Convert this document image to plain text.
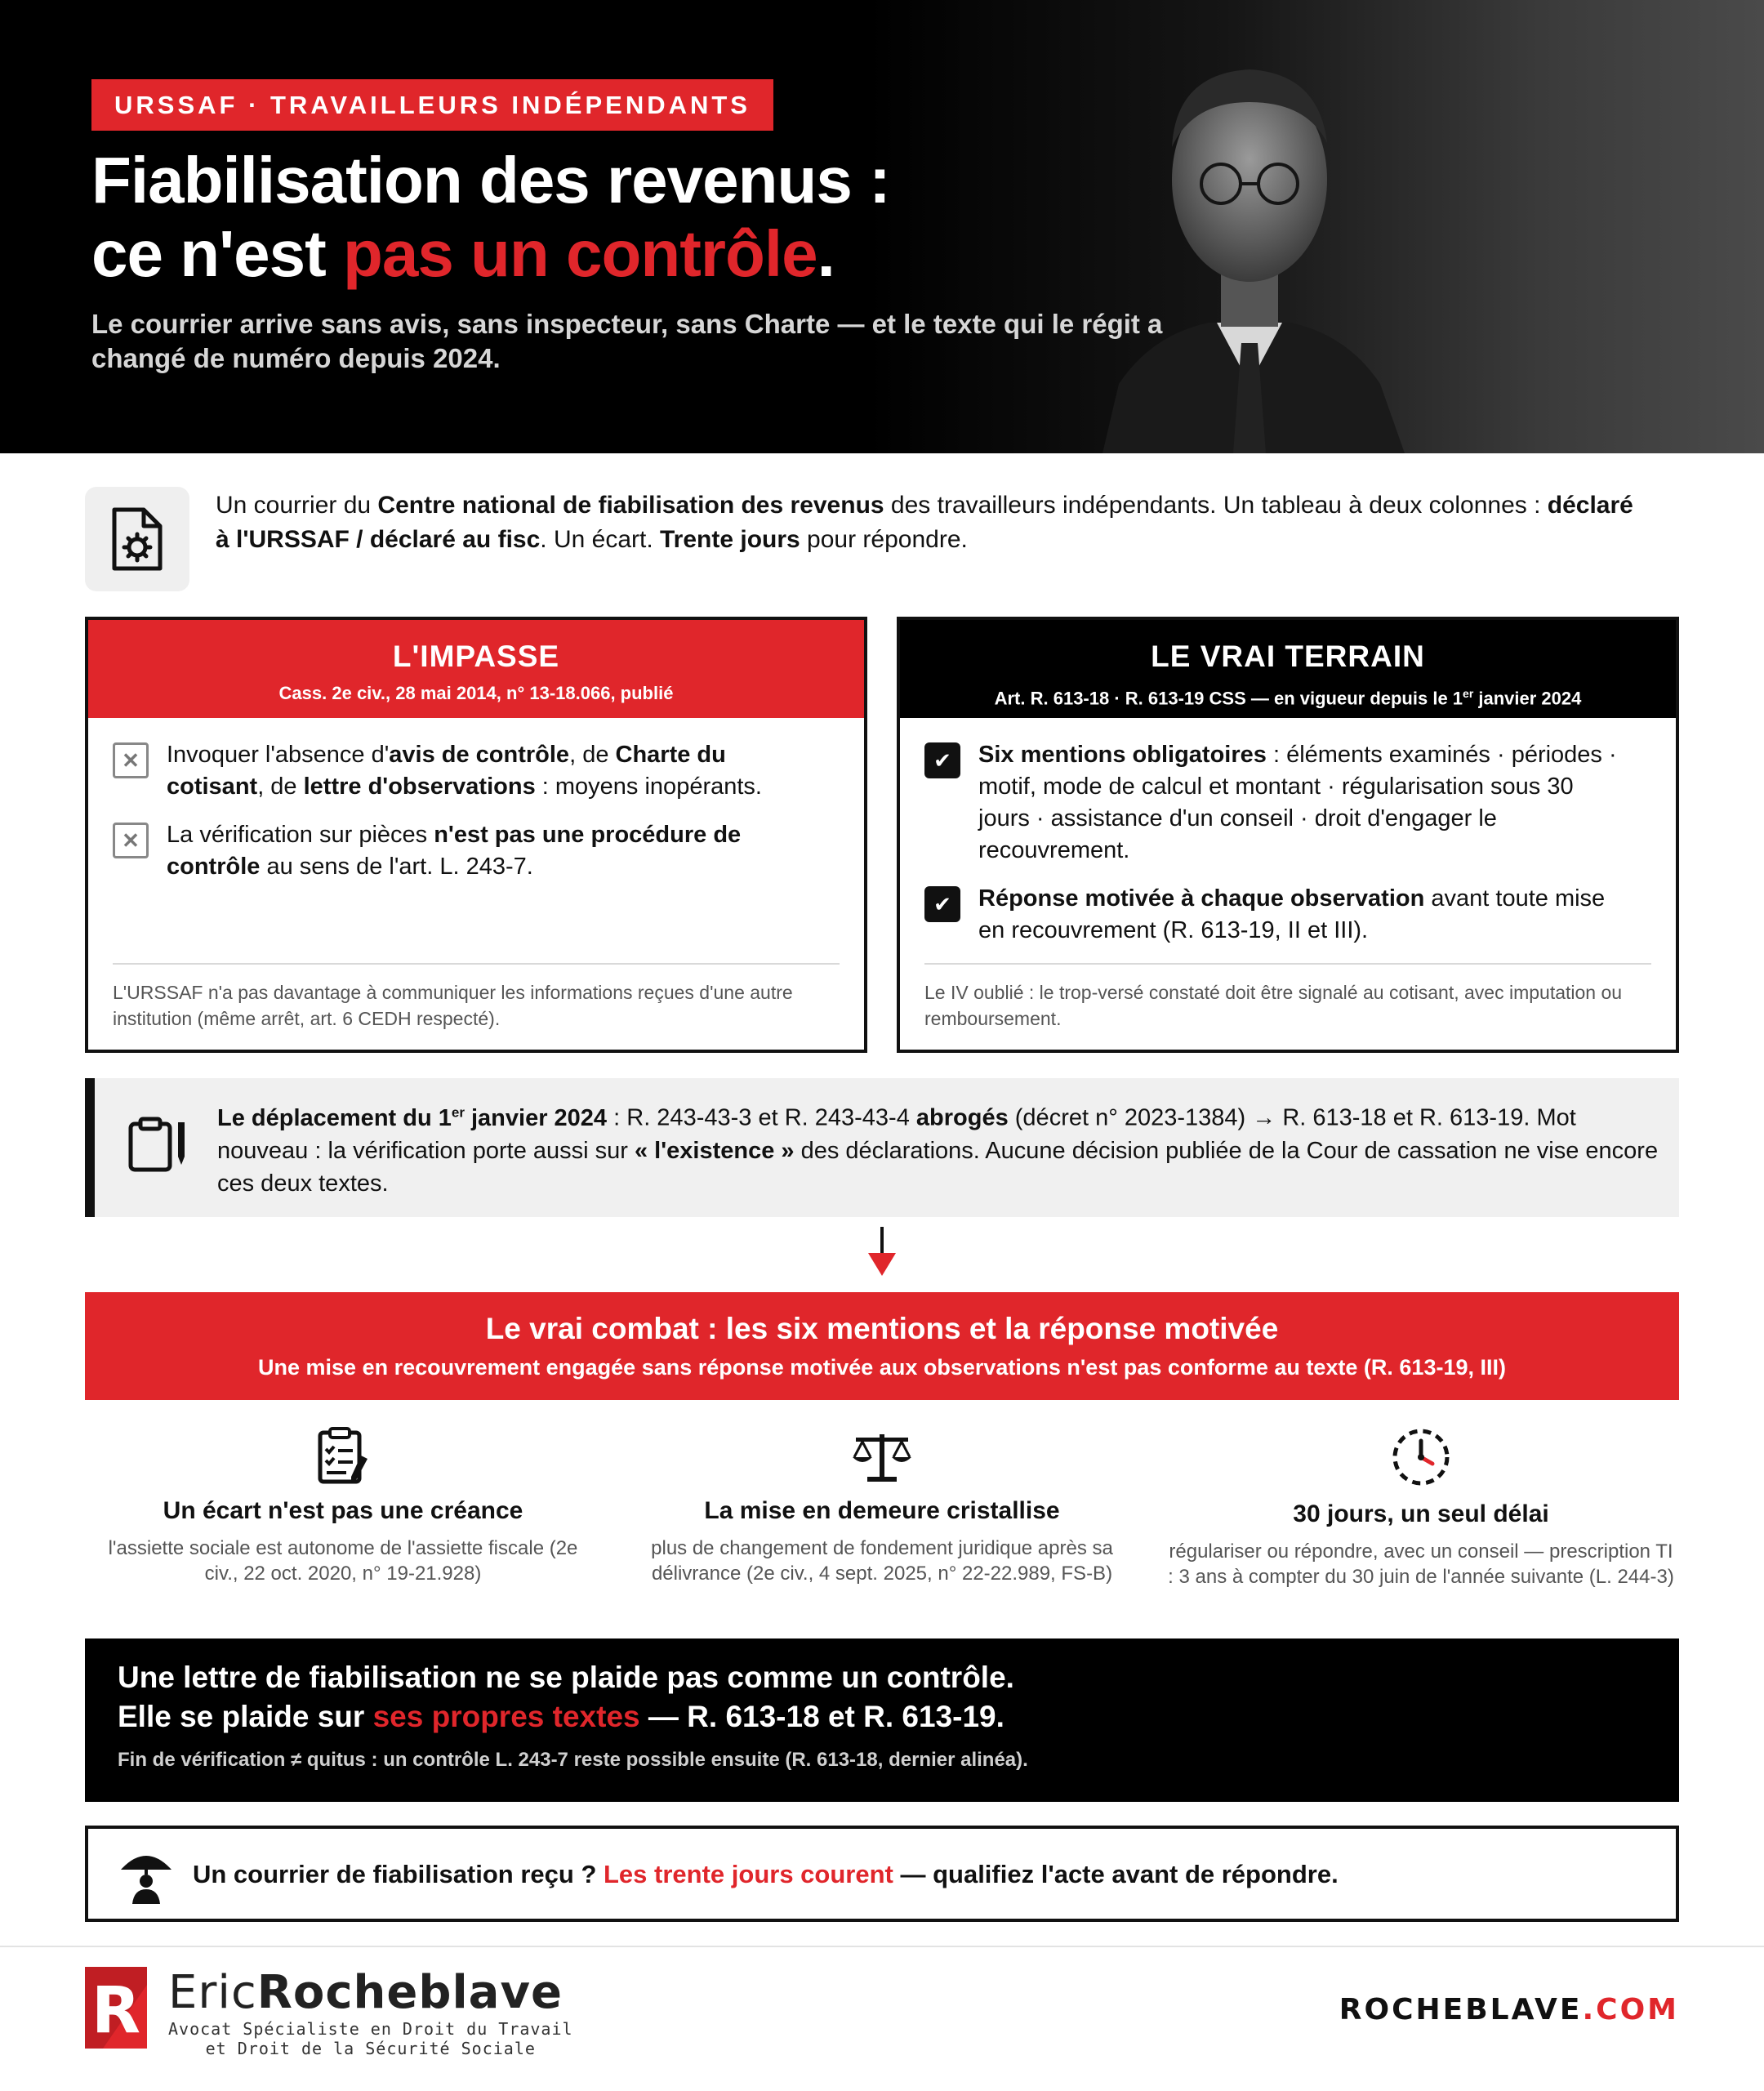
URSSAF · TRAVAILLEURS INDÉPENDANTS
Fiabilisation des revenus :
ce n'est pas un contrôle.

Le courrier arrive sans avis, sans inspecteur, sans Charte — et le texte qui le régit a changé de numéro depuis 2024.

Un courrier du Centre national de fiabilisation des revenus des travailleurs indépendants. Un tableau à deux colonnes : déclaré à l'URSSAF / déclaré au fisc. Un écart. Trente jours pour répondre.

L'IMPASSE
Cass. 2e civ., 28 mai 2014, n° 13-18.066, publié
✕	Invoquer l'absence d'avis de contrôle, de Charte du cotisant, de lettre d'observations : moyens inopérants.
✕	La vérification sur pièces n'est pas une procédure de contrôle au sens de l'art. L. 243-7.
L'URSSAF n'a pas davantage à communiquer les informations reçues d'une autre institution (même arrêt, art. 6 CEDH respecté).
LE VRAI TERRAIN
Art. R. 613-18 · R. 613-19 CSS — en vigueur depuis le 1er janvier 2024
✔	Six mentions obligatoires : éléments examinés · périodes · motif, mode de calcul et montant · régularisation sous 30 jours · assistance d'un conseil · droit d'engager le recouvrement.
✔	Réponse motivée à chaque observation avant toute mise en recouvrement (R. 613-19, II et III).
Le IV oublié : le trop-versé constaté doit être signalé au cotisant, avec imputation ou remboursement.

Le déplacement du 1er janvier 2024 : R. 243-43-3 et R. 243-43-4 abrogés (décret n° 2023-1384) → R. 613-18 et R. 613-19. Mot nouveau : la vérification porte aussi sur « l'existence » des déclarations. Aucune décision publiée de la Cour de cassation ne vise encore ces deux textes.

Le vrai combat : les six mentions et la réponse motivée
Une mise en recouvrement engagée sans réponse motivée aux observations n'est pas conforme au texte (R. 613-19, III)
Un écart n'est pas une créance
l'assiette sociale est autonome de l'assiette fiscale (2e civ., 22 oct. 2020, n° 19-21.928)
La mise en demeure cristallise
plus de changement de fondement juridique après sa délivrance (2e civ., 4 sept. 2025, n° 22-22.989, FS-B)
30 jours, un seul délai
régulariser ou répondre, avec un conseil — prescription TI : 3 ans à compter du 30 juin de l'année suivante (L. 244-3)
Une lettre de fiabilisation ne se plaide pas comme un contrôle.
Elle se plaide sur ses propres textes — R. 613-18 et R. 613-19.
Fin de vérification ≠ quitus : un contrôle L. 243-7 reste possible ensuite (R. 613-18, dernier alinéa).
Un courrier de fiabilisation reçu ? Les trente jours courent — qualifiez l'acte avant de répondre.
R EricRocheblave
Avocat Spécialiste en Droit du Travail
et Droit de la Sécurité Sociale
ROCHEBLAVE.COM
